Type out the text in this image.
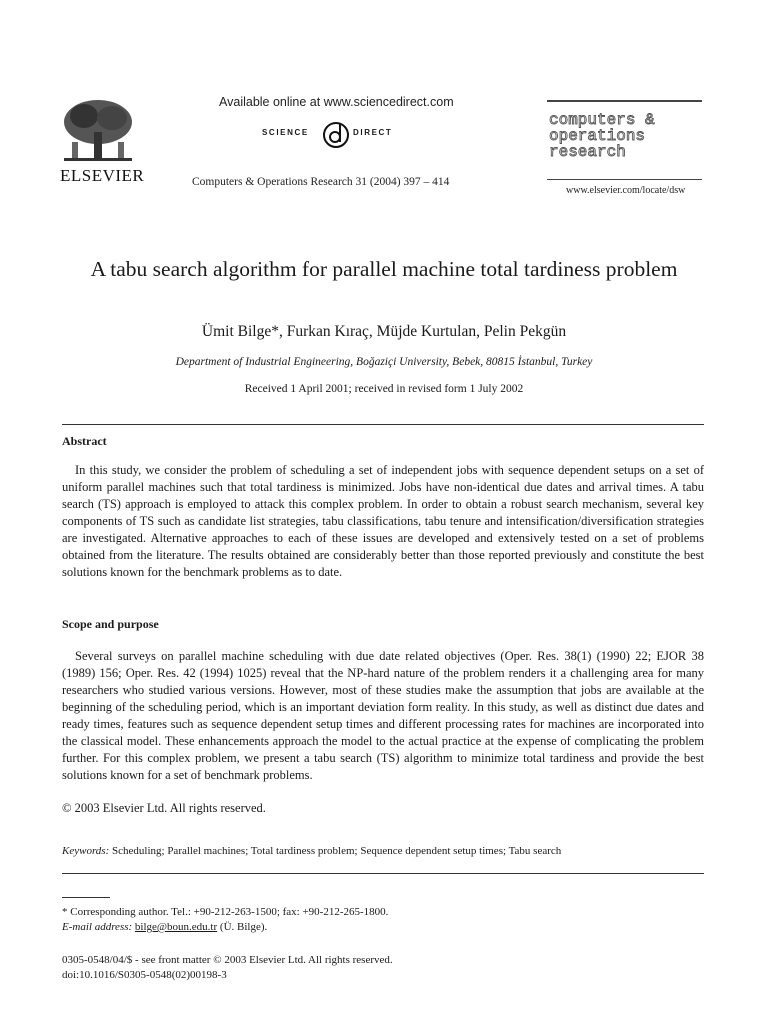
ELSEVIER
Available online at www.sciencedirect.com
SCIENCE	DIRECT
Computers & Operations Research 31 (2004) 397 – 414
computers &
operations
research
www.elsevier.com/locate/dsw
A tabu search algorithm for parallel machine total tardiness problem
Ümit Bilge*, Furkan Kıraç, Müjde Kurtulan, Pelin Pekgün
Department of Industrial Engineering, Boğaziçi University, Bebek, 80815 İstanbul, Turkey
Received 1 April 2001; received in revised form 1 July 2002
Abstract
In this study, we consider the problem of scheduling a set of independent jobs with sequence dependent setups on a set of uniform parallel machines such that total tardiness is minimized. Jobs have non-identical due dates and arrival times. A tabu search (TS) approach is employed to attack this complex problem. In order to obtain a robust search mechanism, several key components of TS such as candidate list strategies, tabu classifications, tabu tenure and intensification/diversification strategies are investigated. Alternative approaches to each of these issues are developed and extensively tested on a set of problems obtained from the literature. The results obtained are considerably better than those reported previously and constitute the best solutions known for the benchmark problems as to date.
Scope and purpose
Several surveys on parallel machine scheduling with due date related objectives (Oper. Res. 38(1) (1990) 22; EJOR 38 (1989) 156; Oper. Res. 42 (1994) 1025) reveal that the NP-hard nature of the problem renders it a challenging area for many researchers who studied various versions. However, most of these studies make the assumption that jobs are available at the beginning of the scheduling period, which is an important deviation form reality. In this study, as well as distinct due dates and ready times, features such as sequence dependent setup times and different processing rates for machines are incorporated into the classical model. These enhancements approach the model to the actual practice at the expense of complicating the problem further. For this complex problem, we present a tabu search (TS) algorithm to minimize total tardiness and provide the best solutions known for a set of benchmark problems.
© 2003 Elsevier Ltd. All rights reserved.
Keywords: Scheduling; Parallel machines; Total tardiness problem; Sequence dependent setup times; Tabu search
* Corresponding author. Tel.: +90-212-263-1500; fax: +90-212-265-1800.
E-mail address: bilge@boun.edu.tr (Ü. Bilge).
0305-0548/04/$ - see front matter © 2003 Elsevier Ltd. All rights reserved.
doi:10.1016/S0305-0548(02)00198-3
